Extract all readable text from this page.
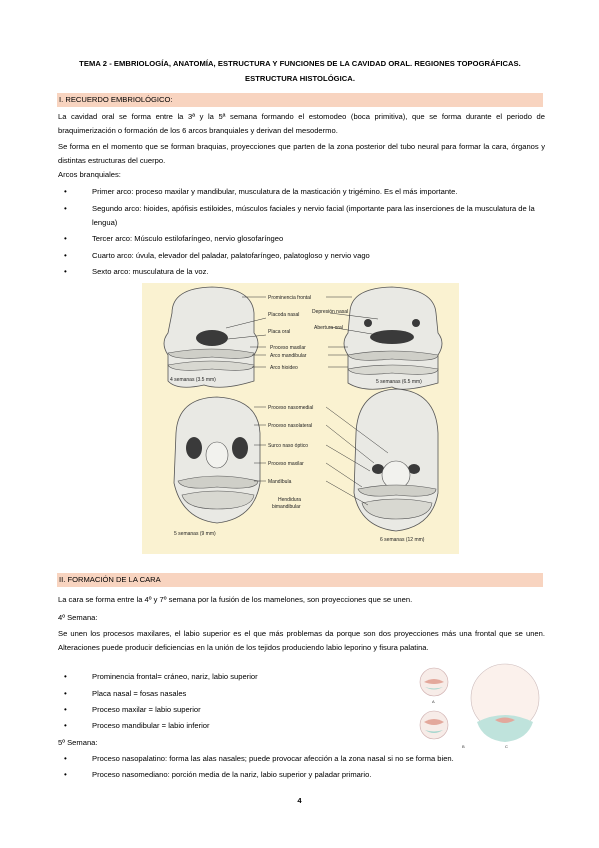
TEMA 2 - EMBRIOLOGÍA, ANATOMÍA, ESTRUCTURA Y FUNCIONES DE LA CAVIDAD ORAL. REGIONES TOPOGRÁFICAS.
ESTRUCTURA HISTOLÓGICA.
I. RECUERDO EMBRIOLÓGICO:
La cavidad oral se forma entre la 3ª y la 5ª semana formando el estomodeo (boca primitiva), que se forma durante el periodo de braquimerización o formación de los 6 arcos branquiales y derivan del mesodermo.
Se forma en el momento que se forman braquias, proyecciones que parten de la zona posterior del tubo neural para formar la cara, órganos y distintas estructuras del cuerpo.
Arcos branquiales:
•	Primer arco: proceso maxilar y mandibular, musculatura de la masticación y trigémino. Es el más importante.
•	Segundo arco: hioides, apófisis estiloides, músculos faciales y nervio facial (importante para las inserciones de la musculatura de la lengua)
•	Tercer arco: Músculo estilofaríngeo, nervio glosofaríngeo
•	Cuarto arco: úvula, elevador del paladar, palatofaríngeo, palatogloso y nervio vago
•	Sexto arco: musculatura de la voz.
Prominencia frontal
Placoda nasal
Placa oral
Depresión nasal
Abertura oral
Proceso maxilar
Arco mandibular
Arco hioideo
4 semanas (3.5 mm)	5 semanas (6.5 mm)
Proceso nasomedial
Proceso nasolateral
Surco naso óptico
Proceso maxilar
Mandíbula
Hendidura
bimandibular
5 semanas (9 mm)
6 semanas (12 mm)
II. FORMACIÓN DE LA CARA
La cara se forma entre la 4º y 7º semana por la fusión de los mamelones, son proyecciones que se unen.
4º Semana:
Se unen los procesos maxilares, el labio superior es el que más problemas da porque son dos proyecciones más una frontal que se unen. Alteraciones puede producir deficiencias en la unión de los tejidos produciendo labio leporino y fisura palatina.
•	Prominencia frontal= cráneo, nariz, labio superior
•	Placa nasal = fosas nasales
•	Proceso maxilar = labio superior
•	Proceso mandibular = labio inferior
5º Semana:
•	Proceso nasopalatino: forma las alas nasales; puede provocar afección a la zona nasal si no se forma bien.
•	Proceso nasomediano: porción media de la nariz, labio superior y paladar primario.
A
B	C
4
